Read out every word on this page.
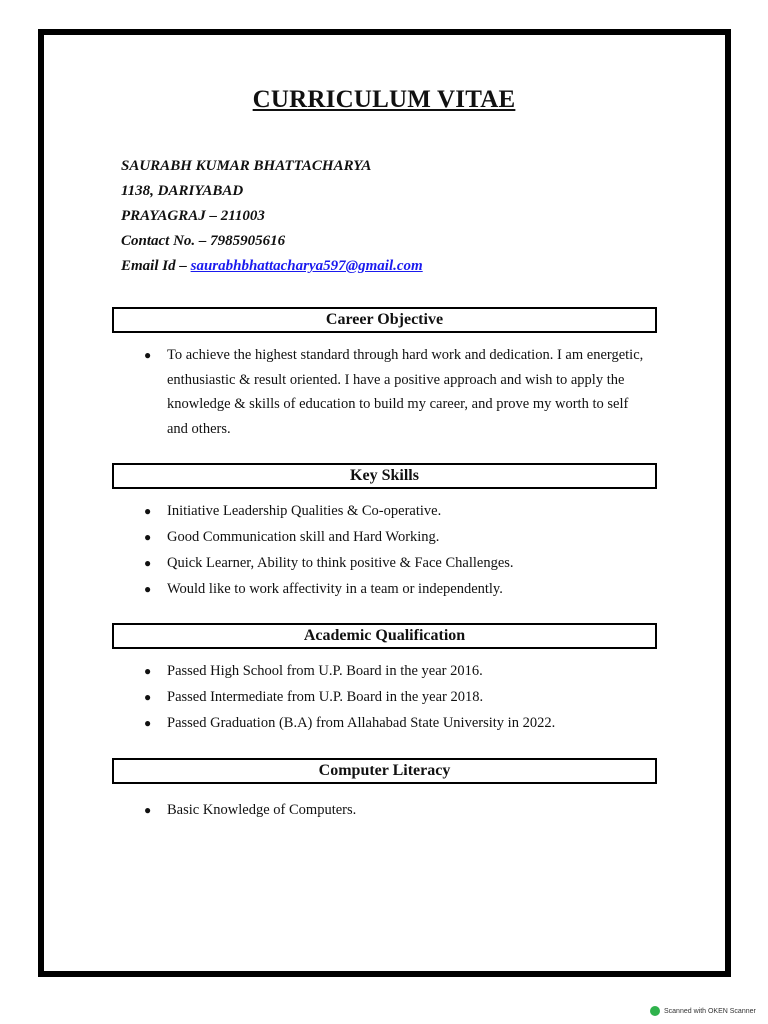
CURRICULUM VITAE
SAURABH KUMAR BHATTACHARYA
1138, DARIYABAD
PRAYAGRAJ – 211003
Contact No. – 7985905616
Email Id – saurabhbhattacharya597@gmail.com
Career Objective
● To achieve the highest standard through hard work and dedication. I am energetic, enthusiastic & result oriented. I have a positive approach and wish to apply the knowledge & skills of education to build my career, and prove my worth to self and others.
Key Skills
● Initiative Leadership Qualities & Co-operative.
● Good Communication skill and Hard Working.
● Quick Learner, Ability to think positive & Face Challenges.
● Would like to work affectivity in a team or independently.
Academic Qualification
● Passed High School from U.P. Board in the year 2016.
● Passed Intermediate from U.P. Board in the year 2018.
● Passed Graduation (B.A) from Allahabad State University in 2022.
Computer Literacy
● Basic Knowledge of Computers.
Scanned with OKEN Scanner
